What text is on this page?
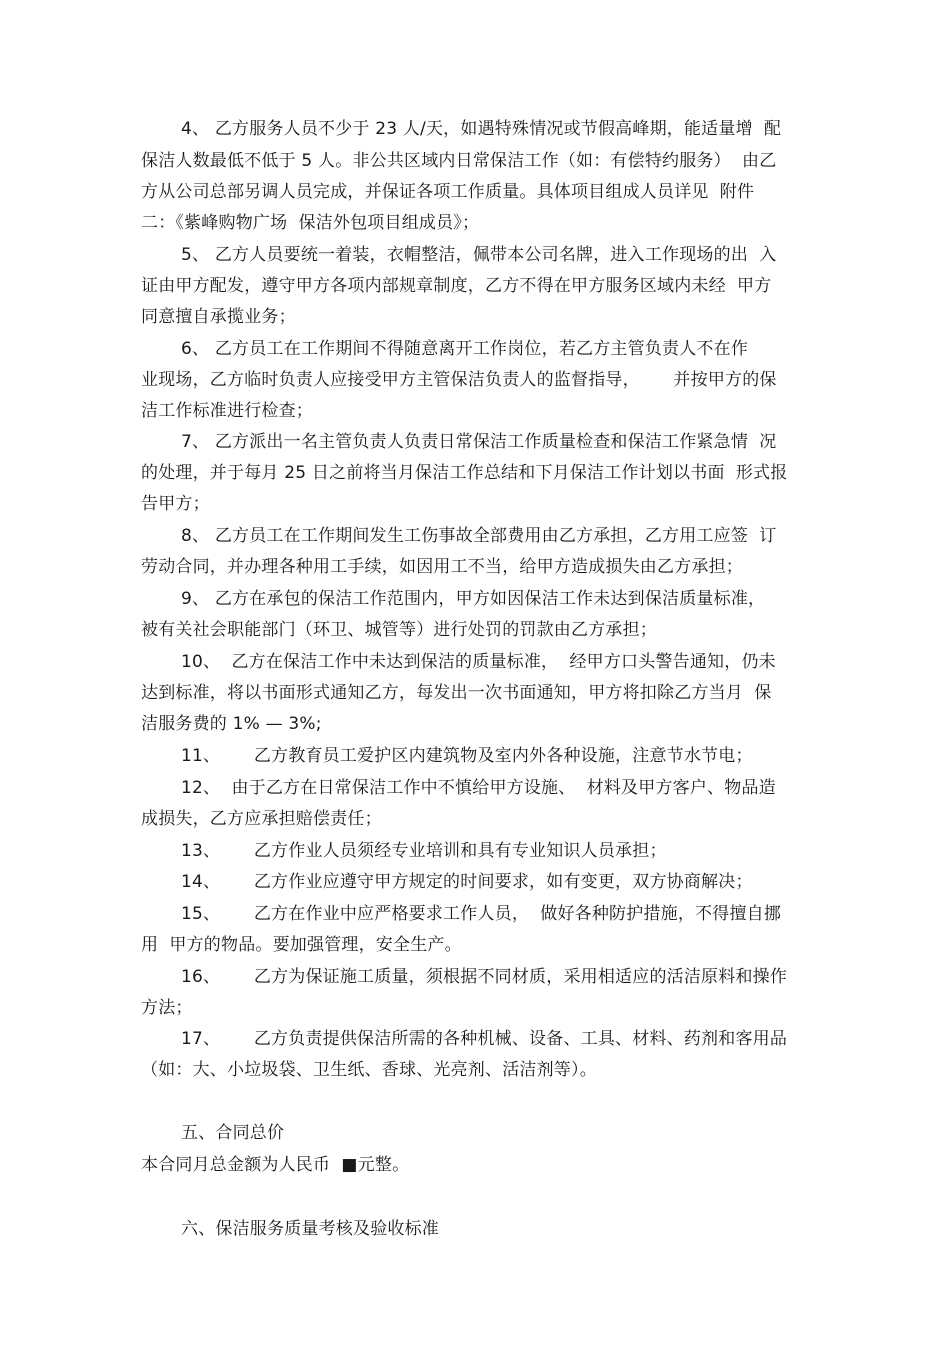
4、 乙方服务人员不少于 23 人/天，如遇特殊情况或节假高峰期，能适量增  配
保洁人数最低不低于 5 人。非公共区域内日常保洁工作（如：有偿特约服务）  由乙
方从公司总部另调人员完成，并保证各项工作质量。具体项目组成人员详见  附件
二：《紫峰购物广场  保洁外包项目组成员》；
5、 乙方人员要统一着装，衣帽整洁，佩带本公司名牌，进入工作现场的出  入
证由甲方配发，遵守甲方各项内部规章制度，乙方不得在甲方服务区域内未经  甲方
同意擅自承揽业务；
6、 乙方员工在工作期间不得随意离开工作岗位，若乙方主管负责人不在作
业现场，乙方临时负责人应接受甲方主管保洁负责人的监督指导，      并按甲方的保
洁工作标准进行检查；
7、 乙方派出一名主管负责人负责日常保洁工作质量检查和保洁工作紧急情  况
的处理，并于每月 25 日之前将当月保洁工作总结和下月保洁工作计划以书面  形式报
告甲方；
8、 乙方员工在工作期间发生工伤事故全部费用由乙方承担，乙方用工应签  订
劳动合同，并办理各种用工手续，如因用工不当，给甲方造成损失由乙方承担；
9、 乙方在承包的保洁工作范围内，甲方如因保洁工作未达到保洁质量标准，
被有关社会职能部门（环卫、城管等）进行处罚的罚款由乙方承担；
10、  乙方在保洁工作中未达到保洁的质量标准，  经甲方口头警告通知，仍未
达到标准，将以书面形式通知乙方，每发出一次书面通知，甲方将扣除乙方当月  保
洁服务费的 1% — 3%;
11、      乙方教育员工爱护区内建筑物及室内外各种设施，注意节水节电；
12、  由于乙方在日常保洁工作中不慎给甲方设施、  材料及甲方客户、物品造
成损失，乙方应承担赔偿责任；
13、      乙方作业人员须经专业培训和具有专业知识人员承担；
14、      乙方作业应遵守甲方规定的时间要求，如有变更，双方协商解决；
15、      乙方在作业中应严格要求工作人员，  做好各种防护措施，不得擅自挪
用  甲方的物品。要加强管理，安全生产。
16、      乙方为保证施工质量，须根据不同材质，采用相适应的活洁原料和操作
方法；
17、      乙方负责提供保洁所需的各种机械、设备、工具、材料、药剂和客用品
（如：大、小垃圾袋、卫生纸、香球、光亮剂、活洁剂等）。
五、合同总价
本合同月总金额为人民币  ■元整。
六、保洁服务质量考核及验收标准
